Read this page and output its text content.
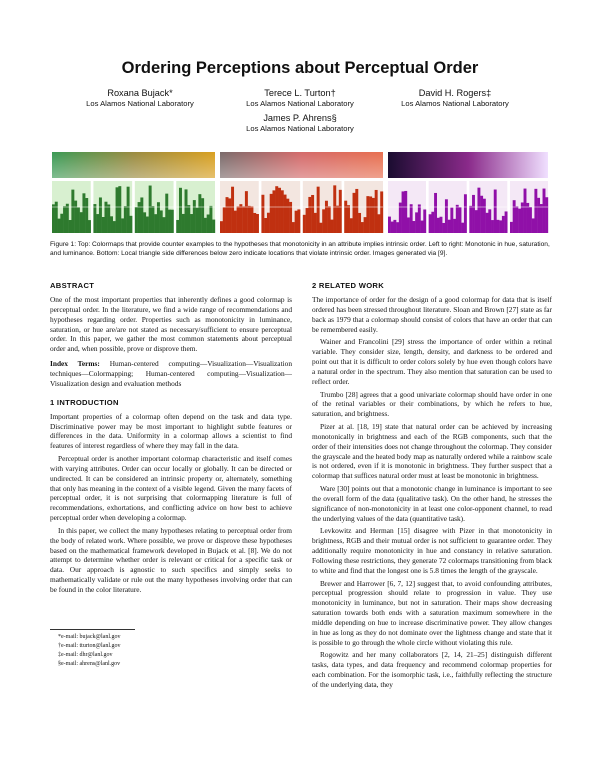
Ordering Perceptions about Perceptual Order
Roxana Bujack*
Los Alamos National Laboratory
Terece L. Turton†
Los Alamos National Laboratory
David H. Rogers‡
Los Alamos National Laboratory
James P. Ahrens§
Los Alamos National Laboratory
Figure 1: Top: Colormaps that provide counter examples to the hypotheses that monotonicity in an attribute implies intrinsic order. Left to right: Monotonic in hue, saturation, and luminance. Bottom: Local triangle side differences below zero indicate locations that violate intrinsic order. Images generated via [9].
ABSTRACT

One of the most important properties that inherently defines a good colormap is perceptual order. In the literature, we find a wide range of recommendations and hypotheses regarding order. Properties such as monotonicity in luminance, saturation, or hue are/are not stated as necessary/sufficient to ensure perceptual order. In this paper, we gather the most common statements about perceptual order and, when possible, prove or disprove them.

Index Terms: Human-centered computing—Visualization—Visualization techniques—Colormapping; Human-centered computing—Visualization—Visualization design and evaluation methods

1 INTRODUCTION

Important properties of a colormap often depend on the task and data type. Discriminative power may be most important to highlight subtle features or differences in the data. Uniformity in a colormap allows a scientist to find features of interest regardless of where they may fall in the data.

Perceptual order is another important colormap characteristic and itself comes with varying attributes. Order can occur locally or globally. It can be directed or undirected. It can be considered an intrinsic property or, alternately, something that only has meaning in the context of a visible legend. Given the many facets of perceptual order, it is not surprising that colormapping literature is full of recommendations, exhortations, and conflicting advice on how best to achieve perceptual order when developing a colormap.

In this paper, we collect the many hypotheses relating to perceptual order from the body of related work. Where possible, we prove or disprove these hypotheses based on the mathematical framework developed in Bujack et al. [8]. We do not attempt to determine whether order is relevant or critical for a specific task or data. Our approach is agnostic to such specifics and simply seeks to mathematically validate or rule out the many hypotheses involving order that can be found in the color literature.

*e-mail: bujack@lanl.gov
†e-mail: tturton@lanl.gov
‡e-mail: dhr@lanl.gov
§e-mail: ahrens@lanl.gov
2 RELATED WORK

The importance of order for the design of a good colormap for data that is itself ordered has been stressed throughout literature. Sloan and Brown [27] state as far back as 1979 that a colormap should consist of colors that have an order that can be remembered easily.

Wainer and Francolini [29] stress the importance of order within a retinal variable. They consider size, length, density, and darkness to be ordered and point out that it is difficult to order colors solely by hue even though colors have a natural order in the spectrum. They also mention that saturation can be used to reflect order.

Trumbo [28] agrees that a good univariate colormap should have order in one of the retinal variables or their combinations, by which he refers to hue, saturation, and brightness.

Pizer at al. [18, 19] state that natural order can be achieved by increasing monotonically in brightness and each of the RGB components, such that the order of their intensities does not change throughout the colormap. They consider the grayscale and the heated body map as naturally ordered while a rainbow scale is not ordered, even if it is monotonic in brightness. They further suspect that a colormap that suffices natural order must at least be monotonic in brightness.

Ware [30] points out that a monotonic change in luminance is important to see the overall form of the data (qualitative task). On the other hand, he stresses the significance of non-monotonicity in at least one color-opponent channel, to read the underlying values of the data (quantitative task).

Levkowitz and Herman [15] disagree with Pizer in that monotonicity in brightness, RGB and their mutual order is not sufficient to guarantee order. They additionally require monotonicity in hue and constancy in relative saturation. Following these restrictions, they generate 72 colormaps transitioning from black to white and find that the longest one is 5.8 times the length of the grayscale.

Brewer and Harrower [6, 7, 12] suggest that, to avoid confounding attributes, perceptual progression should relate to progression in value. They use monotonicity in luminance, but not in saturation. Their maps show decreasing saturation towards both ends with a saturation maximum somewhere in the middle depending on hue to increase discriminative power. They allow changes in hue as long as they do not dominate over the lightness change and state that it is possible to go through the whole circle without violating this rule.

Rogowitz and her many collaborators [2, 14, 21–25] distinguish different tasks, data types, and data frequency and recommend colormap properties for each combination. For the isomorphic task, i.e., faithfully reflecting the structure of the underlying data, they
